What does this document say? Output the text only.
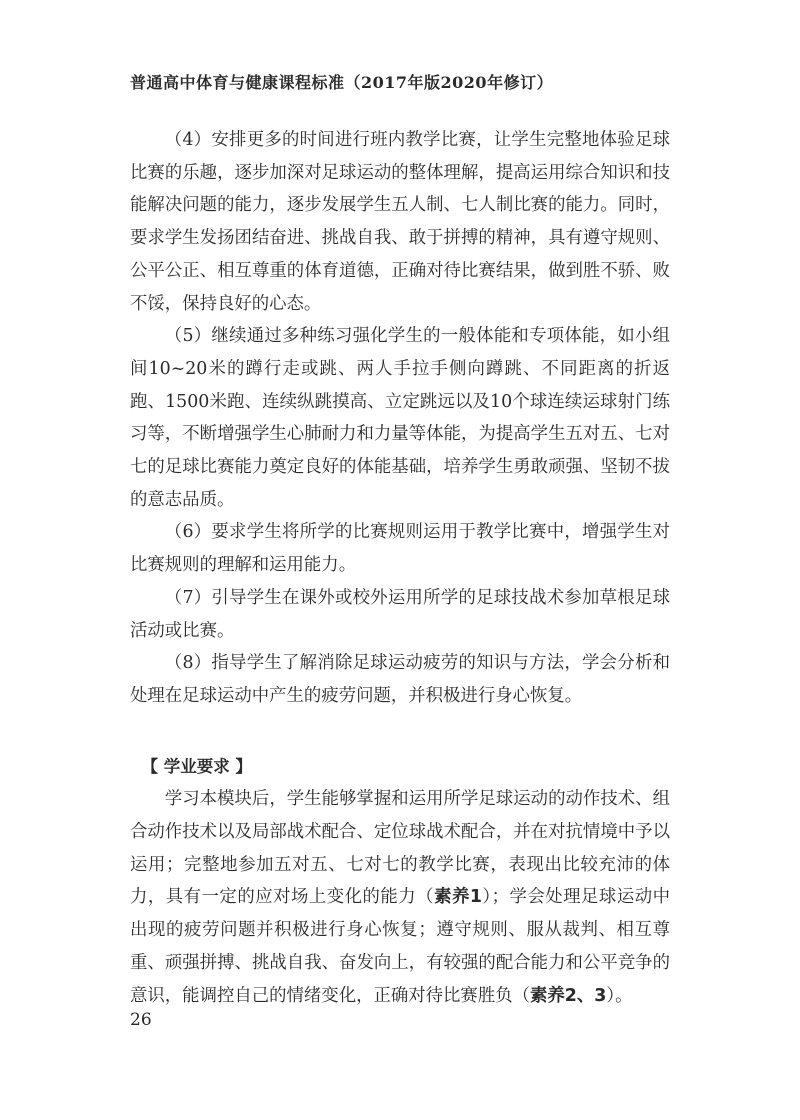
普通高中体育与健康课程标准（2017年版2020年修订）

（4）安排更多的时间进行班内教学比赛，让学生完整地体验足球比赛的乐趣，逐步加深对足球运动的整体理解，提高运用综合知识和技能解决问题的能力，逐步发展学生五人制、七人制比赛的能力。同时，要求学生发扬团结奋进、挑战自我、敢于拼搏的精神，具有遵守规则、公平公正、相互尊重的体育道德，正确对待比赛结果，做到胜不骄、败不馁，保持良好的心态。

（5）继续通过多种练习强化学生的一般体能和专项体能，如小组间10~20米的蹲行走或跳、两人手拉手侧向蹲跳、不同距离的折返跑、1500米跑、连续纵跳摸高、立定跳远以及10个球连续运球射门练习等，不断增强学生心肺耐力和力量等体能，为提高学生五对五、七对七的足球比赛能力奠定良好的体能基础，培养学生勇敢顽强、坚韧不拔的意志品质。

（6）要求学生将所学的比赛规则运用于教学比赛中，增强学生对比赛规则的理解和运用能力。

（7）引导学生在课外或校外运用所学的足球技战术参加草根足球活动或比赛。

（8）指导学生了解消除足球运动疲劳的知识与方法，学会分析和处理在足球运动中产生的疲劳问题，并积极进行身心恢复。

【 学业要求 】

学习本模块后，学生能够掌握和运用所学足球运动的动作技术、组合动作技术以及局部战术配合、定位球战术配合，并在对抗情境中予以运用；完整地参加五对五、七对七的教学比赛，表现出比较充沛的体力，具有一定的应对场上变化的能力（素养1）；学会处理足球运动中出现的疲劳问题并积极进行身心恢复；遵守规则、服从裁判、相互尊重、顽强拼搏、挑战自我、奋发向上，有较强的配合能力和公平竞争的意识，能调控自己的情绪变化，正确对待比赛胜负（素养2、3）。

26
